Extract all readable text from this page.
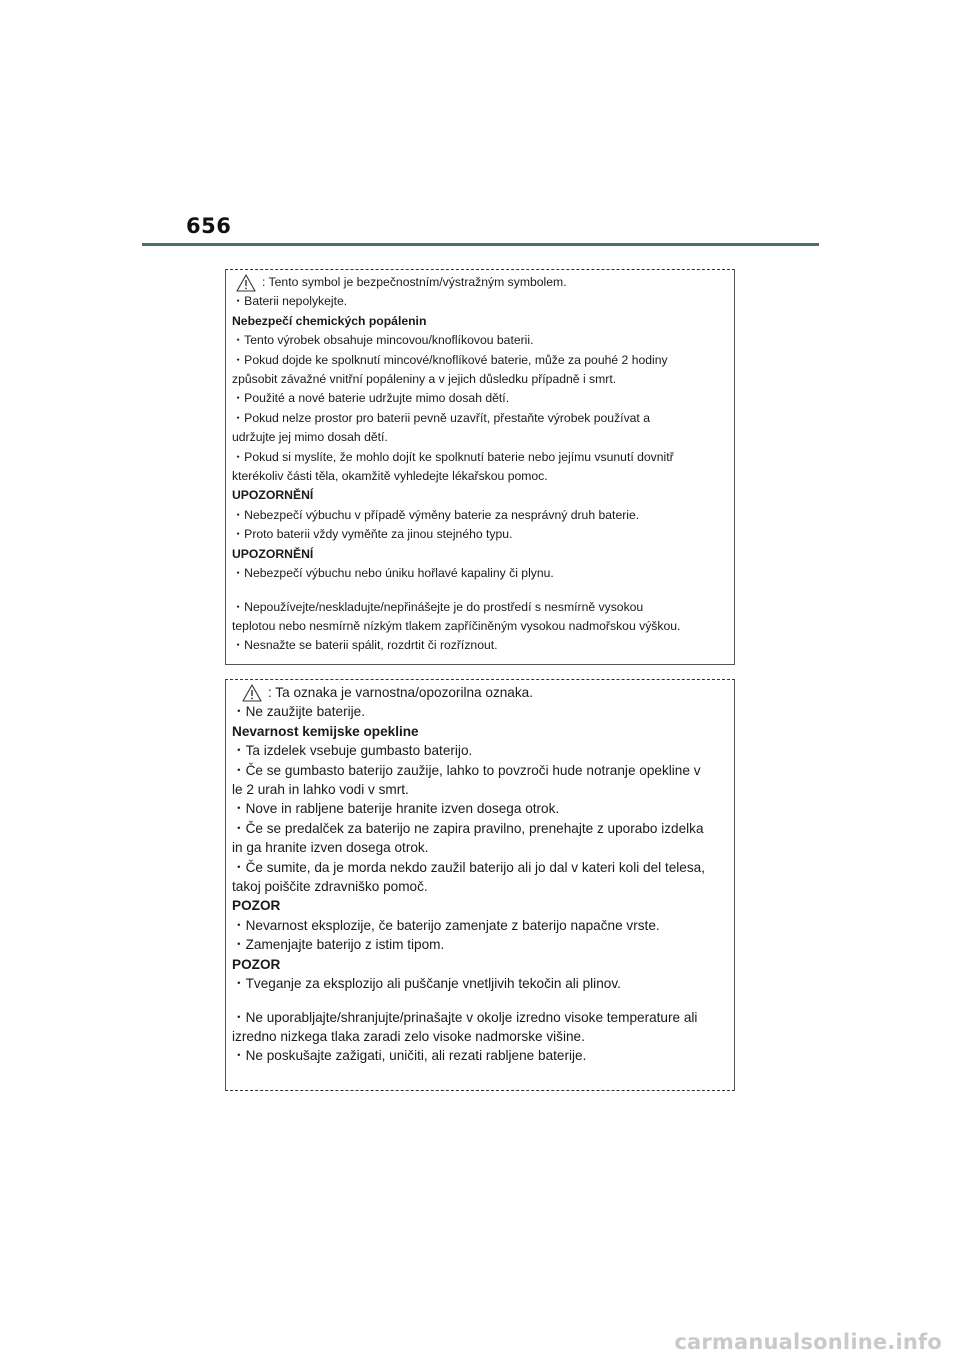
656
: Tento symbol je bezpečnostním/výstražným symbolem.
・Baterii nepolykejte.
Nebezpečí chemických popálenin
・Tento výrobek obsahuje mincovou/knoflíkovou baterii.
・Pokud dojde ke spolknutí mincové/knoflíkové baterie, může za pouhé 2 hodiny
způsobit závažné vnitřní popáleniny a v jejich důsledku případně i smrt.
・Použité a nové baterie udržujte mimo dosah dětí.
・Pokud nelze prostor pro baterii pevně uzavřít, přestaňte výrobek používat a
udržujte jej mimo dosah dětí.
・Pokud si myslíte, že mohlo dojít ke spolknutí baterie nebo jejímu vsunutí dovnitř
kterékoliv části těla, okamžitě vyhledejte lékařskou pomoc.
UPOZORNĚNÍ
・Nebezpečí výbuchu v případě výměny baterie za nesprávný druh baterie.
・Proto baterii vždy vyměňte za jinou stejného typu.
UPOZORNĚNÍ
・Nebezpečí výbuchu nebo úniku hořlavé kapaliny či plynu.
・Nepoužívejte/neskladujte/nepřinášejte je do prostředí s nesmírně vysokou
teplotou nebo nesmírně nízkým tlakem zapříčiněným vysokou nadmořskou výškou.
・Nesnažte se baterii spálit, rozdrtit či rozříznout.
: Ta oznaka je varnostna/opozorilna oznaka.
・Ne zaužijte baterije.
Nevarnost kemijske opekline
・Ta izdelek vsebuje gumbasto baterijo.
・Če se gumbasto baterijo zaužije, lahko to povzroči hude notranje opekline v
le 2 urah in lahko vodi v smrt.
・Nove in rabljene baterije hranite izven dosega otrok.
・Če se predalček za baterijo ne zapira pravilno, prenehajte z uporabo izdelka
in ga hranite izven dosega otrok.
・Če sumite, da je morda nekdo zaužil baterijo ali jo dal v kateri koli del telesa,
takoj poiščite zdravniško pomoč.
POZOR
・Nevarnost eksplozije, če baterijo zamenjate z baterijo napačne vrste.
・Zamenjajte baterijo z istim tipom.
POZOR
・Tveganje za eksplozijo ali puščanje vnetljivih tekočin ali plinov.
・Ne uporabljajte/shranjujte/prinašajte v okolje izredno visoke temperature ali
izredno nizkega tlaka zaradi zelo visoke nadmorske višine.
・Ne poskušajte zažigati, uničiti, ali rezati rabljene baterije.
carmanualsonline.info
